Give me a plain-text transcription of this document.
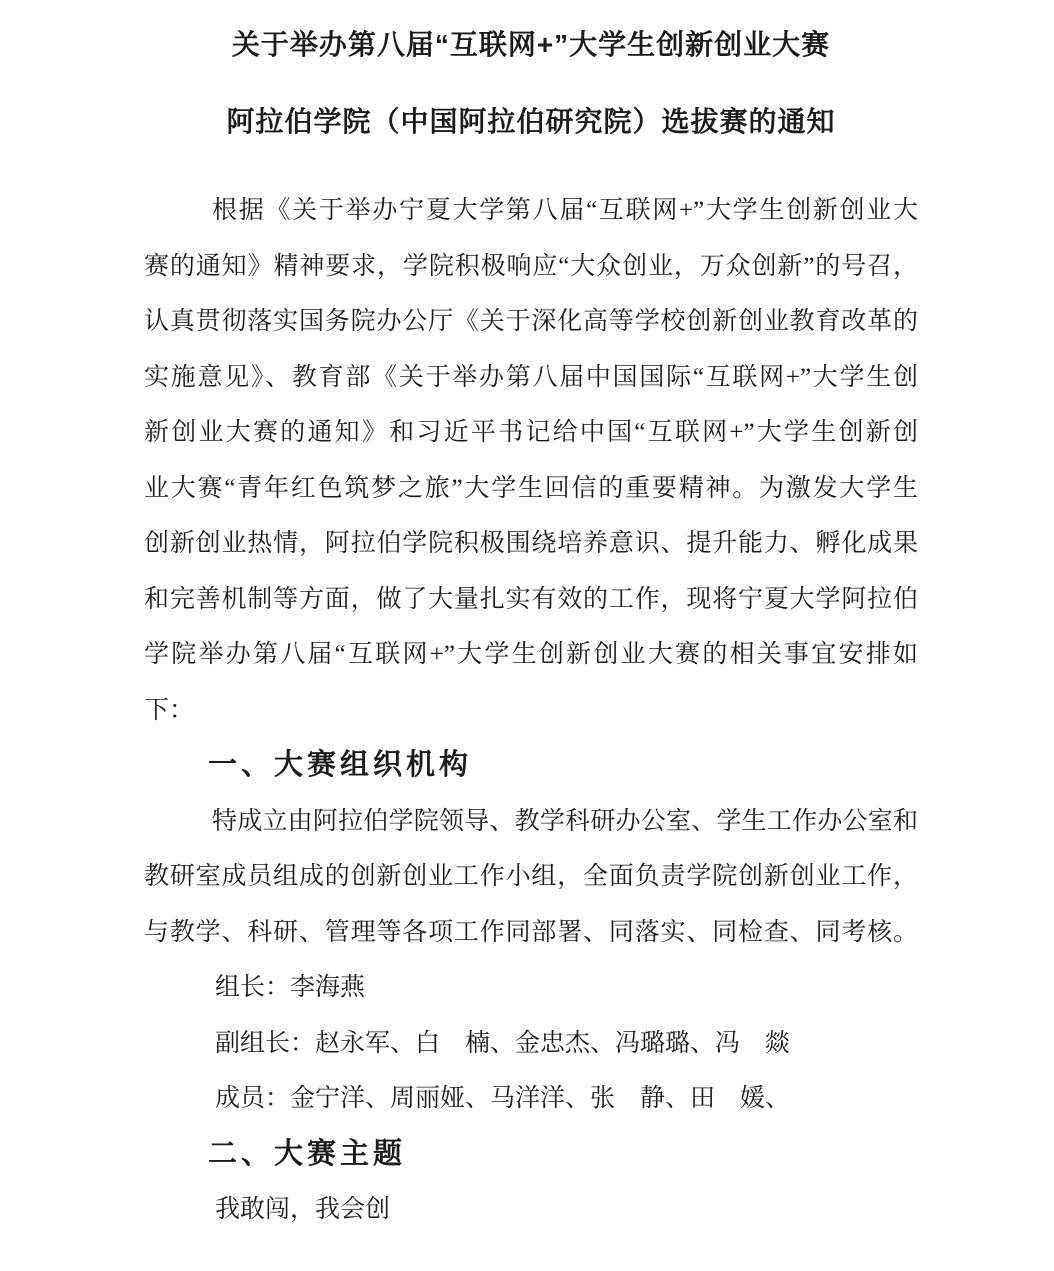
关于举办第八届“互联网+”大学生创新创业大赛
阿拉伯学院（中国阿拉伯研究院）选拔赛的通知
根据《关于举办宁夏大学第八届“互联网+”大学生创新创业大
赛的通知》精神要求，学院积极响应“大众创业，万众创新”的号召，
认真贯彻落实国务院办公厅《关于深化高等学校创新创业教育改革的
实施意见》、教育部《关于举办第八届中国国际“互联网+”大学生创
新创业大赛的通知》和习近平书记给中国“互联网+”大学生创新创
业大赛“青年红色筑梦之旅”大学生回信的重要精神。为激发大学生
创新创业热情，阿拉伯学院积极围绕培养意识、提升能力、孵化成果
和完善机制等方面，做了大量扎实有效的工作，现将宁夏大学阿拉伯
学院举办第八届“互联网+”大学生创新创业大赛的相关事宜安排如
下：
一、大赛组织机构
特成立由阿拉伯学院领导、教学科研办公室、学生工作办公室和
教研室成员组成的创新创业工作小组，全面负责学院创新创业工作，
与教学、科研、管理等各项工作同部署、同落实、同检查、同考核。
组长：李海燕
副组长：赵永军、白　楠、金忠杰、冯璐璐、冯　燚
成员：金宁洋、周丽娅、马洋洋、张　静、田　媛、
二、大赛主题
我敢闯，我会创
